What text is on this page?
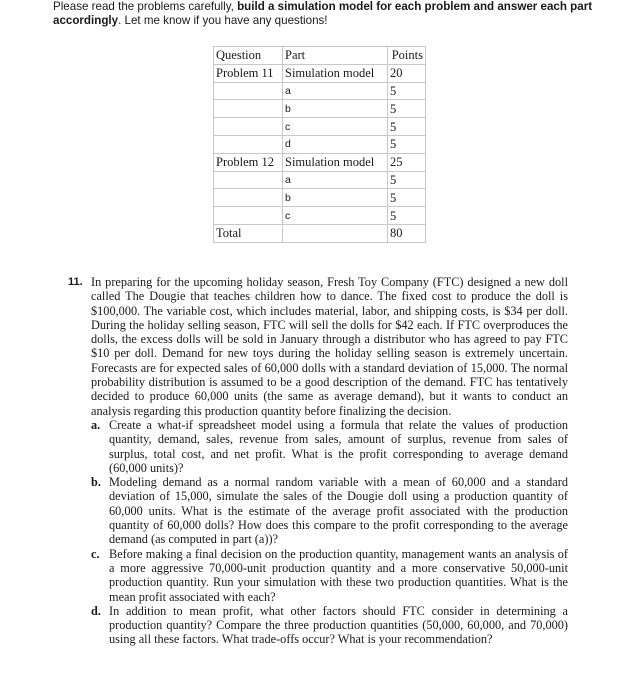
Please read the problems carefully, build a simulation model for each problem and answer each part accordingly. Let me know if you have any questions!
Question	Part	Points
Problem 11	Simulation model	20
	a	5
	b	5
	c	5
	d	5
Problem 12	Simulation model	25
	a	5
	b	5
	c	5
Total		80
11. In preparing for the upcoming holiday season, Fresh Toy Company (FTC) designed a new doll called The Dougie that teaches children how to dance. The fixed cost to produce the doll is $100,000. The variable cost, which includes material, labor, and shipping costs, is $34 per doll. During the holiday selling season, FTC will sell the dolls for $42 each. If FTC overproduces the dolls, the excess dolls will be sold in January through a distributor who has agreed to pay FTC $10 per doll. Demand for new toys during the holiday selling season is extremely uncertain. Forecasts are for expected sales of 60,000 dolls with a standard deviation of 15,000. The normal probability distribution is assumed to be a good description of the demand. FTC has tentatively decided to produce 60,000 units (the same as average demand), but it wants to conduct an analysis regarding this production quantity before finalizing the decision.
a. Create a what-if spreadsheet model using a formula that relate the values of production quantity, demand, sales, revenue from sales, amount of surplus, revenue from sales of surplus, total cost, and net profit. What is the profit corresponding to average demand (60,000 units)?
b. Modeling demand as a normal random variable with a mean of 60,000 and a standard deviation of 15,000, simulate the sales of the Dougie doll using a production quantity of 60,000 units. What is the estimate of the average profit associated with the production quantity of 60,000 dolls? How does this compare to the profit corresponding to the average demand (as computed in part (a))?
c. Before making a final decision on the production quantity, management wants an analysis of a more aggressive 70,000-unit production quantity and a more conservative 50,000-unit production quantity. Run your simulation with these two production quantities. What is the mean profit associated with each?
d. In addition to mean profit, what other factors should FTC consider in determining a production quantity? Compare the three production quantities (50,000, 60,000, and 70,000) using all these factors. What trade-offs occur? What is your recommendation?
